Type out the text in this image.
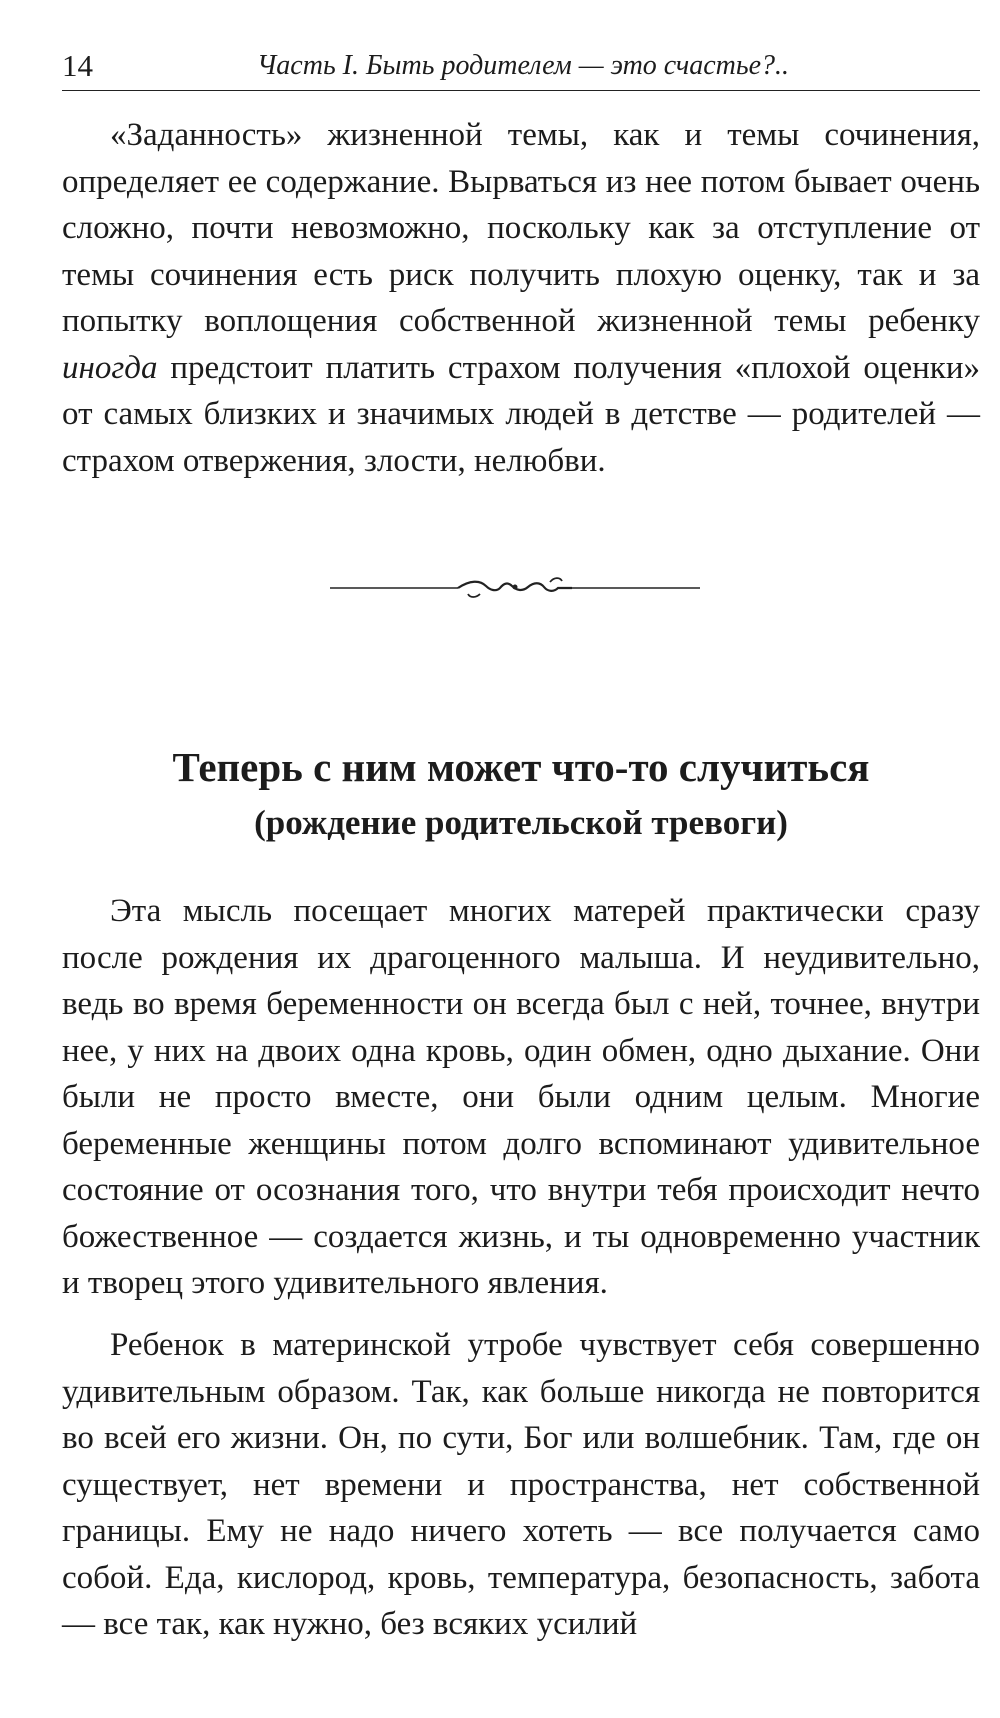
14	Часть I. Быть родителем — это счастье?..

«Заданность» жизненной темы, как и темы сочинения, определяет ее содержание. Вырваться из нее потом бывает очень сложно, почти невозможно, поскольку как за отступление от темы сочинения есть риск получить плохую оценку, так и за попытку воплощения собственной жизненной темы ребенку иногда предстоит платить страхом получения «плохой оценки» от самых близких и значимых людей в детстве — родителей — страхом отвержения, злости, нелюбви.

Теперь с ним может что-то случиться
(рождение родительской тревоги)

Эта мысль посещает многих матерей практически сразу после рождения их драгоценного малыша. И неудивительно, ведь во время беременности он всегда был с ней, точнее, внутри нее, у них на двоих одна кровь, один обмен, одно дыхание. Они были не просто вместе, они были одним целым. Многие беременные женщины потом долго вспоминают удивительное состояние от осознания того, что внутри тебя происходит нечто божественное — создается жизнь, и ты одновременно участник и творец этого удивительного явления.

Ребенок в материнской утробе чувствует себя совершенно удивительным образом. Так, как больше никогда не повторится во всей его жизни. Он, по сути, Бог или волшебник. Там, где он существует, нет времени и пространства, нет собственной границы. Ему не надо ничего хотеть — все получается само собой. Еда, кислород, кровь, температура, безопасность, забота — все так, как нужно, без всяких усилий
